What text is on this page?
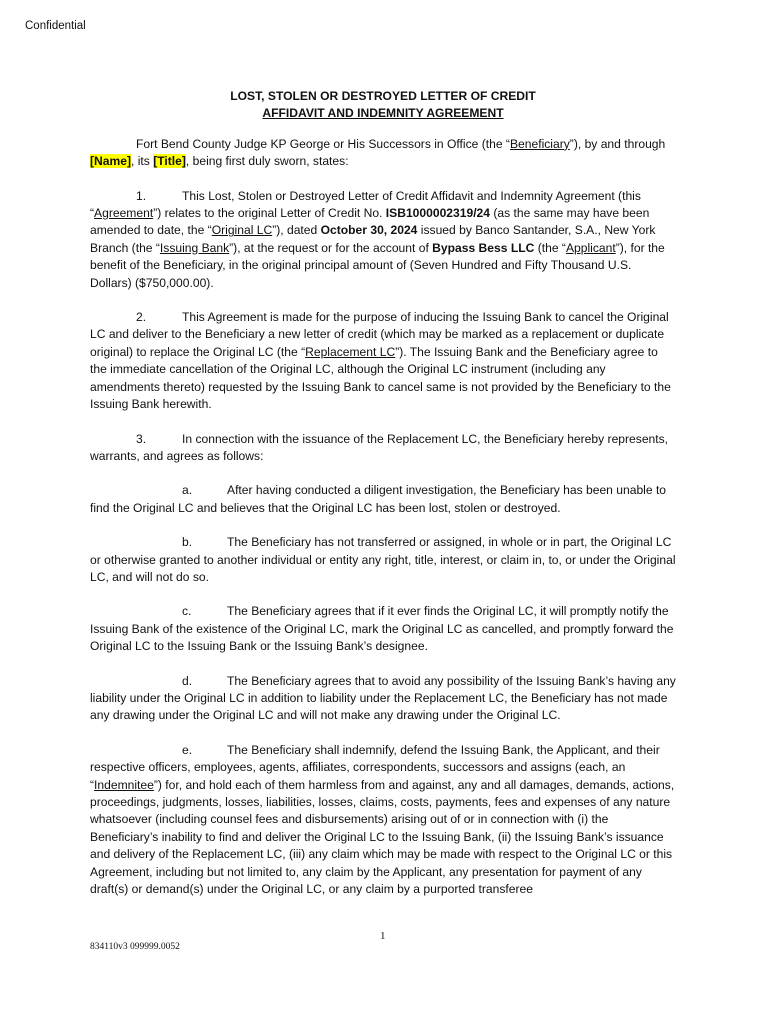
Confidential
LOST, STOLEN OR DESTROYED LETTER OF CREDIT
AFFIDAVIT AND INDEMNITY AGREEMENT

Fort Bend County Judge KP George or His Successors in Office (the “Beneficiary”), by and through [Name], its [Title], being first duly sworn, states:

1.	This Lost, Stolen or Destroyed Letter of Credit Affidavit and Indemnity Agreement (this “Agreement”) relates to the original Letter of Credit No. ISB1000002319/24 (as the same may have been amended to date, the “Original LC”), dated October 30, 2024 issued by Banco Santander, S.A., New York Branch (the “Issuing Bank”), at the request or for the account of Bypass Bess LLC (the “Applicant”), for the benefit of the Beneficiary, in the original principal amount of (Seven Hundred and Fifty Thousand U.S. Dollars) ($750,000.00).

2.	This Agreement is made for the purpose of inducing the Issuing Bank to cancel the Original LC and deliver to the Beneficiary a new letter of credit (which may be marked as a replacement or duplicate original) to replace the Original LC (the “Replacement LC”). The Issuing Bank and the Beneficiary agree to the immediate cancellation of the Original LC, although the Original LC instrument (including any amendments thereto) requested by the Issuing Bank to cancel same is not provided by the Beneficiary to the Issuing Bank herewith.

3.	In connection with the issuance of the Replacement LC, the Beneficiary hereby represents, warrants, and agrees as follows:

a.	After having conducted a diligent investigation, the Beneficiary has been unable to find the Original LC and believes that the Original LC has been lost, stolen or destroyed.

b.	The Beneficiary has not transferred or assigned, in whole or in part, the Original LC or otherwise granted to another individual or entity any right, title, interest, or claim in, to, or under the Original LC, and will not do so.

c.	The Beneficiary agrees that if it ever finds the Original LC, it will promptly notify the Issuing Bank of the existence of the Original LC, mark the Original LC as cancelled, and promptly forward the Original LC to the Issuing Bank or the Issuing Bank’s designee.

d.	The Beneficiary agrees that to avoid any possibility of the Issuing Bank’s having any liability under the Original LC in addition to liability under the Replacement LC, the Beneficiary has not made any drawing under the Original LC and will not make any drawing under the Original LC.

e.	The Beneficiary shall indemnify, defend the Issuing Bank, the Applicant, and their respective officers, employees, agents, affiliates, correspondents, successors and assigns (each, an “Indemnitee”) for, and hold each of them harmless from and against, any and all damages, demands, actions, proceedings, judgments, losses, liabilities, losses, claims, costs, payments, fees and expenses of any nature whatsoever (including counsel fees and disbursements) arising out of or in connection with (i) the Beneficiary’s inability to find and deliver the Original LC to the Issuing Bank, (ii) the Issuing Bank’s issuance and delivery of the Replacement LC, (iii) any claim which may be made with respect to the Original LC or this Agreement, including but not limited to, any claim by the Applicant, any presentation for payment of any draft(s) or demand(s) under the Original LC, or any claim by a purported transferee

1
834110v3 099999.0052
